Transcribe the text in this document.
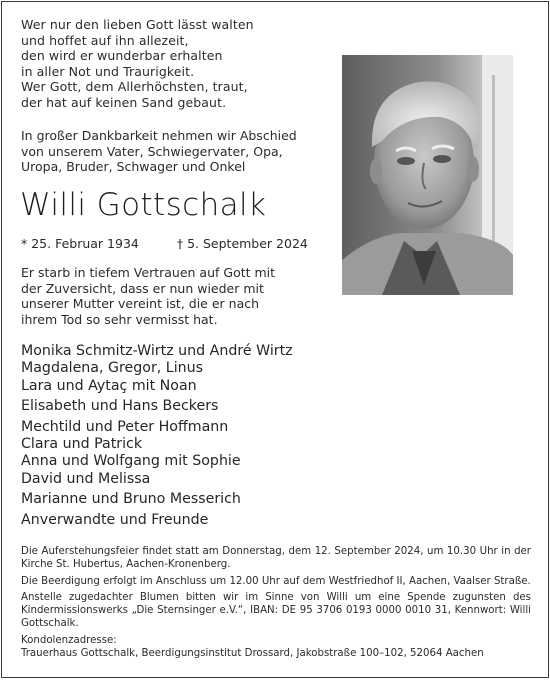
Wer nur den lieben Gott lässt walten
und hoffet auf ihn allezeit,
den wird er wunderbar erhalten
in aller Not und Traurigkeit.
Wer Gott, dem Allerhöchsten, traut,
der hat auf keinen Sand gebaut.
In großer Dankbarkeit nehmen wir Abschied
von unserem Vater, Schwiegervater, Opa,
Uropa, Bruder, Schwager und Onkel
Willi Gottschalk
* 25. Februar 1934	† 5. September 2024
Er starb in tiefem Vertrauen auf Gott mit
der Zuversicht, dass er nun wieder mit
unserer Mutter vereint ist, die er nach
ihrem Tod so sehr vermisst hat.
Monika Schmitz-Wirtz und André Wirtz
Magdalena, Gregor, Linus
Lara und Aytaç mit Noan
Elisabeth und Hans Beckers
Mechtild und Peter Hoffmann
Clara und Patrick
Anna und Wolfgang mit Sophie
David und Melissa
Marianne und Bruno Messerich
Anverwandte und Freunde

Die Auferstehungsfeier findet statt am Donnerstag, dem 12. September 2024, um 10.30 Uhr in der Kirche St. Hubertus, Aachen-Kronenberg.

Die Beerdigung erfolgt im Anschluss um 12.00 Uhr auf dem Westfriedhof II, Aachen, Vaalser Straße.

Anstelle zugedachter Blumen bitten wir im Sinne von Willi um eine Spende zugunsten des Kindermissionswerks „Die Sternsinger e.V.“, IBAN: DE 95 3706 0193 0000 0010 31, Kennwort: Willi Gottschalk.

Kondolenzadresse:
Trauerhaus Gottschalk, Beerdigungsinstitut Drossard, Jakobstraße 100–102, 52064 Aachen
